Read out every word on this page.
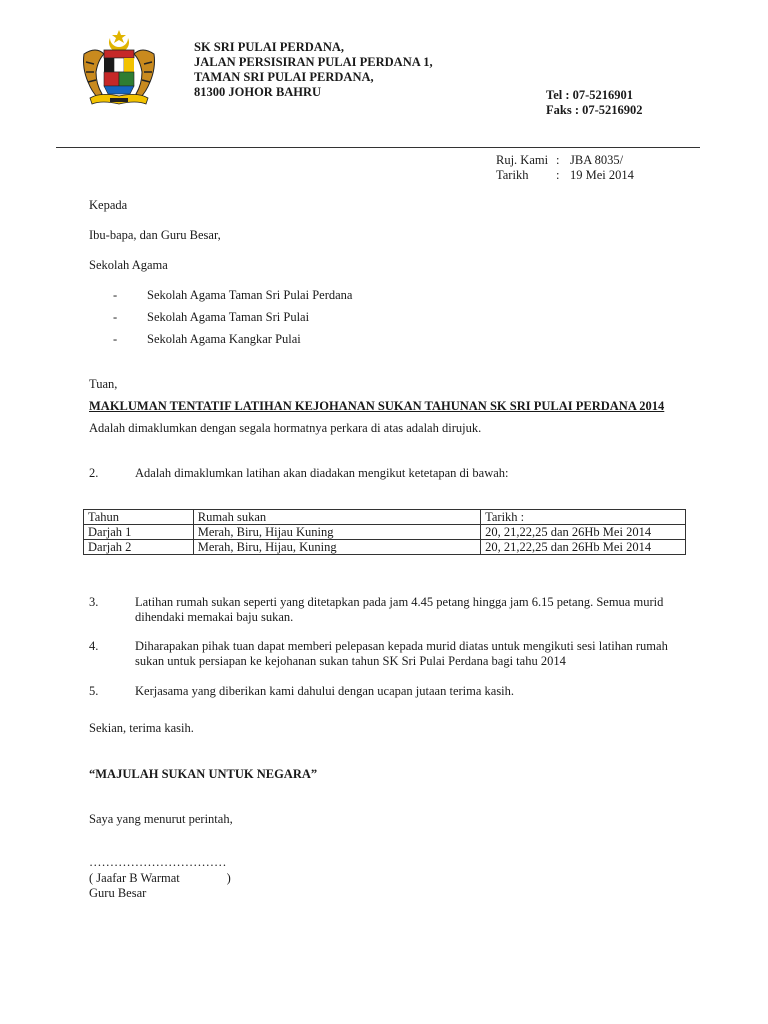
SK SRI PULAI PERDANA,
JALAN PERSISIRAN PULAI PERDANA 1,
TAMAN SRI PULAI PERDANA,
81300 JOHOR BAHRU	Tel : 07-5216901
Faks : 07-5216902
Ruj. Kami : JBA 8035/
Tarikh	: 19 Mei 2014
Kepada
Ibu-bapa, dan Guru Besar,
Sekolah Agama
-	Sekolah Agama Taman Sri Pulai Perdana
-	Sekolah Agama Taman Sri Pulai
-	Sekolah Agama Kangkar Pulai
Tuan,
MAKLUMAN TENTATIF LATIHAN KEJOHANAN SUKAN TAHUNAN SK SRI PULAI PERDANA 2014
Adalah dimaklumkan dengan segala hormatnya perkara di atas adalah dirujuk.
2.	Adalah dimaklumkan latihan akan diadakan mengikut ketetapan di bawah:
Tahun	Rumah sukan	Tarikh :
Darjah 1	Merah, Biru, Hijau Kuning	20, 21,22,25 dan 26Hb Mei 2014
Darjah 2	Merah, Biru, Hijau, Kuning	20, 21,22,25 dan 26Hb Mei 2014
3.	Latihan rumah sukan seperti yang ditetapkan pada jam 4.45 petang hingga jam 6.15 petang. Semua murid dihendaki memakai baju sukan.
4.	Diharapakan pihak tuan dapat memberi pelepasan kepada murid diatas untuk mengikuti sesi latihan rumah sukan untuk persiapan ke kejohanan sukan tahun SK Sri Pulai Perdana bagi tahu 2014
5.	Kerjasama yang diberikan kami dahului dengan ucapan jutaan terima kasih.
Sekian, terima kasih.
“MAJULAH SUKAN UNTUK NEGARA”
Saya yang menurut perintah,
……………………………
( Jaafar B Warmat               )
Guru Besar
